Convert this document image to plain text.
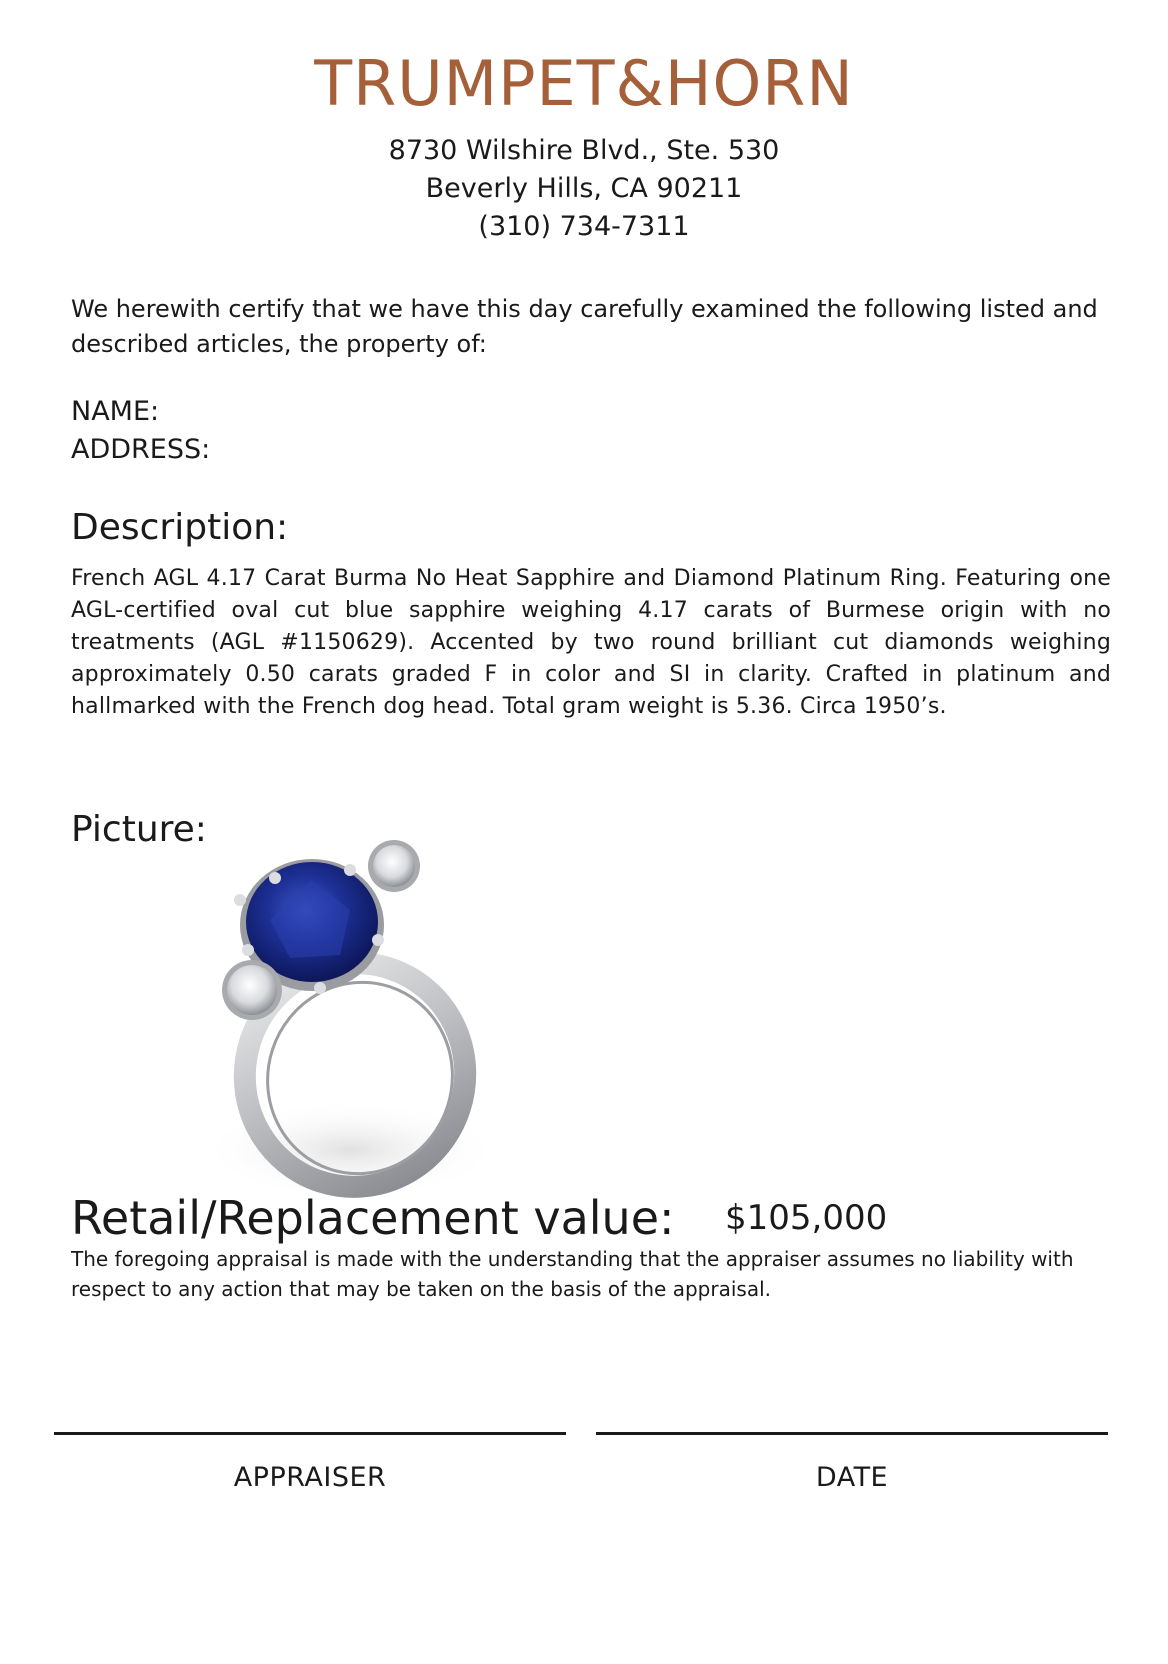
TRUMPET&HORN
8730 Wilshire Blvd., Ste. 530
Beverly Hills, CA 90211
(310) 734-7311
We herewith certify that we have this day carefully examined the following listed and described articles, the property of:
NAME:
ADDRESS:
Description:
French AGL 4.17 Carat Burma No Heat Sapphire and Diamond Platinum Ring. Featuring one AGL-certified oval cut blue sapphire weighing 4.17 carats of Burmese origin with no treatments (AGL #1150629). Accented by two round brilliant cut diamonds weighing approximately 0.50 carats graded F in color and SI in clarity. Crafted in platinum and hallmarked with the French dog head. Total gram weight is 5.36. Circa 1950’s.
Picture:
Retail/Replacement value: $105,000
The foregoing appraisal is made with the understanding that the appraiser assumes no liability with respect to any action that may be taken on the basis of the appraisal.
APPRAISER	DATE
